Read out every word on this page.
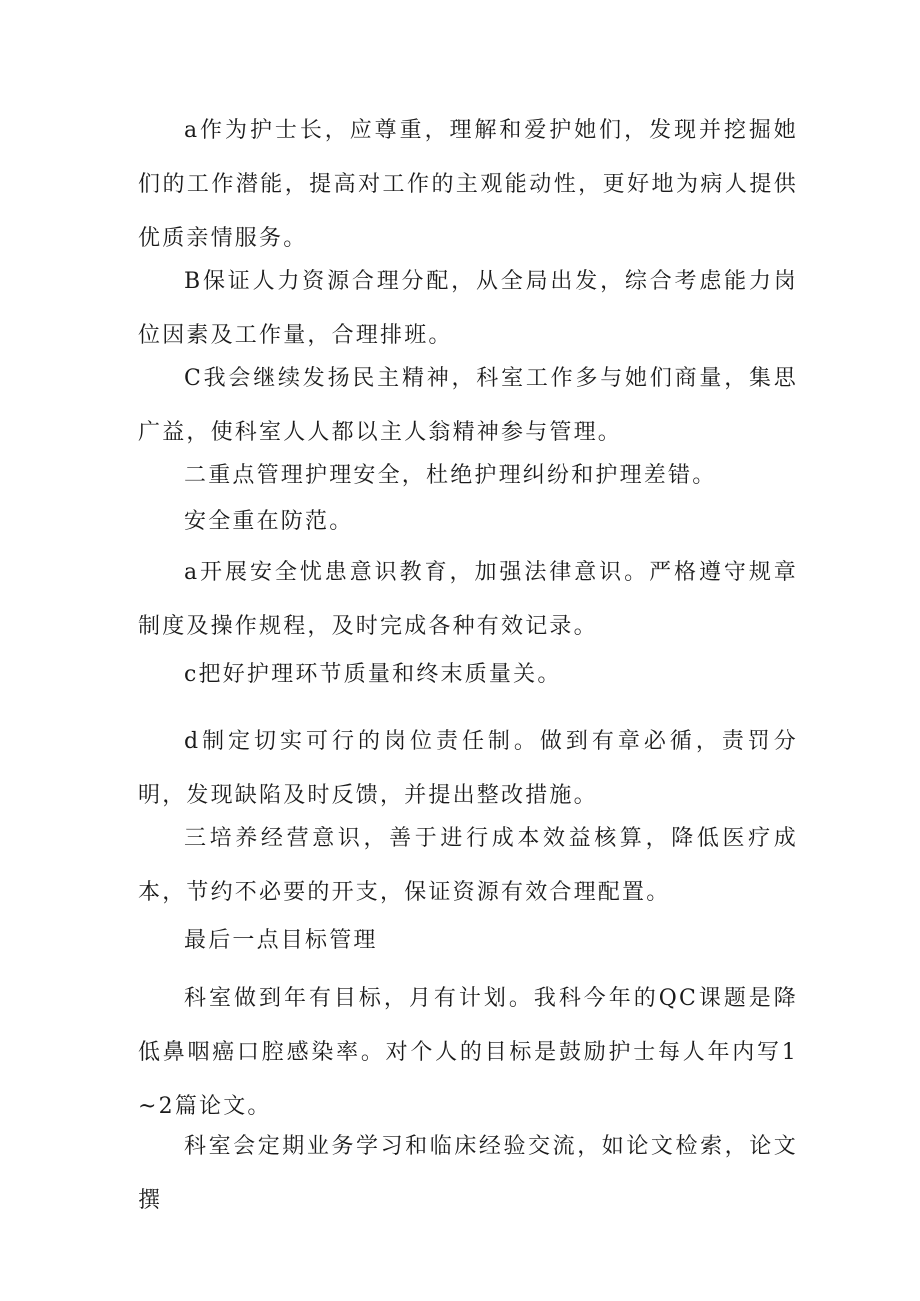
a作为护士长，应尊重，理解和爱护她们，发现并挖掘她们的工作潜能，提高对工作的主观能动性，更好地为病人提供优质亲情服务。

B保证人力资源合理分配，从全局出发，综合考虑能力岗位因素及工作量，合理排班。

C我会继续发扬民主精神，科室工作多与她们商量，集思广益，使科室人人都以主人翁精神参与管理。

二重点管理护理安全，杜绝护理纠纷和护理差错。

安全重在防范。

a开展安全忧患意识教育，加强法律意识。严格遵守规章制度及操作规程，及时完成各种有效记录。

c把好护理环节质量和终末质量关。

d制定切实可行的岗位责任制。做到有章必循，责罚分明，发现缺陷及时反馈，并提出整改措施。

三培养经营意识，善于进行成本效益核算，降低医疗成本，节约不必要的开支，保证资源有效合理配置。

最后一点目标管理

科室做到年有目标，月有计划。我科今年的QC课题是降低鼻咽癌口腔感染率。对个人的目标是鼓励护士每人年内写1~2篇论文。

科室会定期业务学习和临床经验交流，如论文检索，论文撰
